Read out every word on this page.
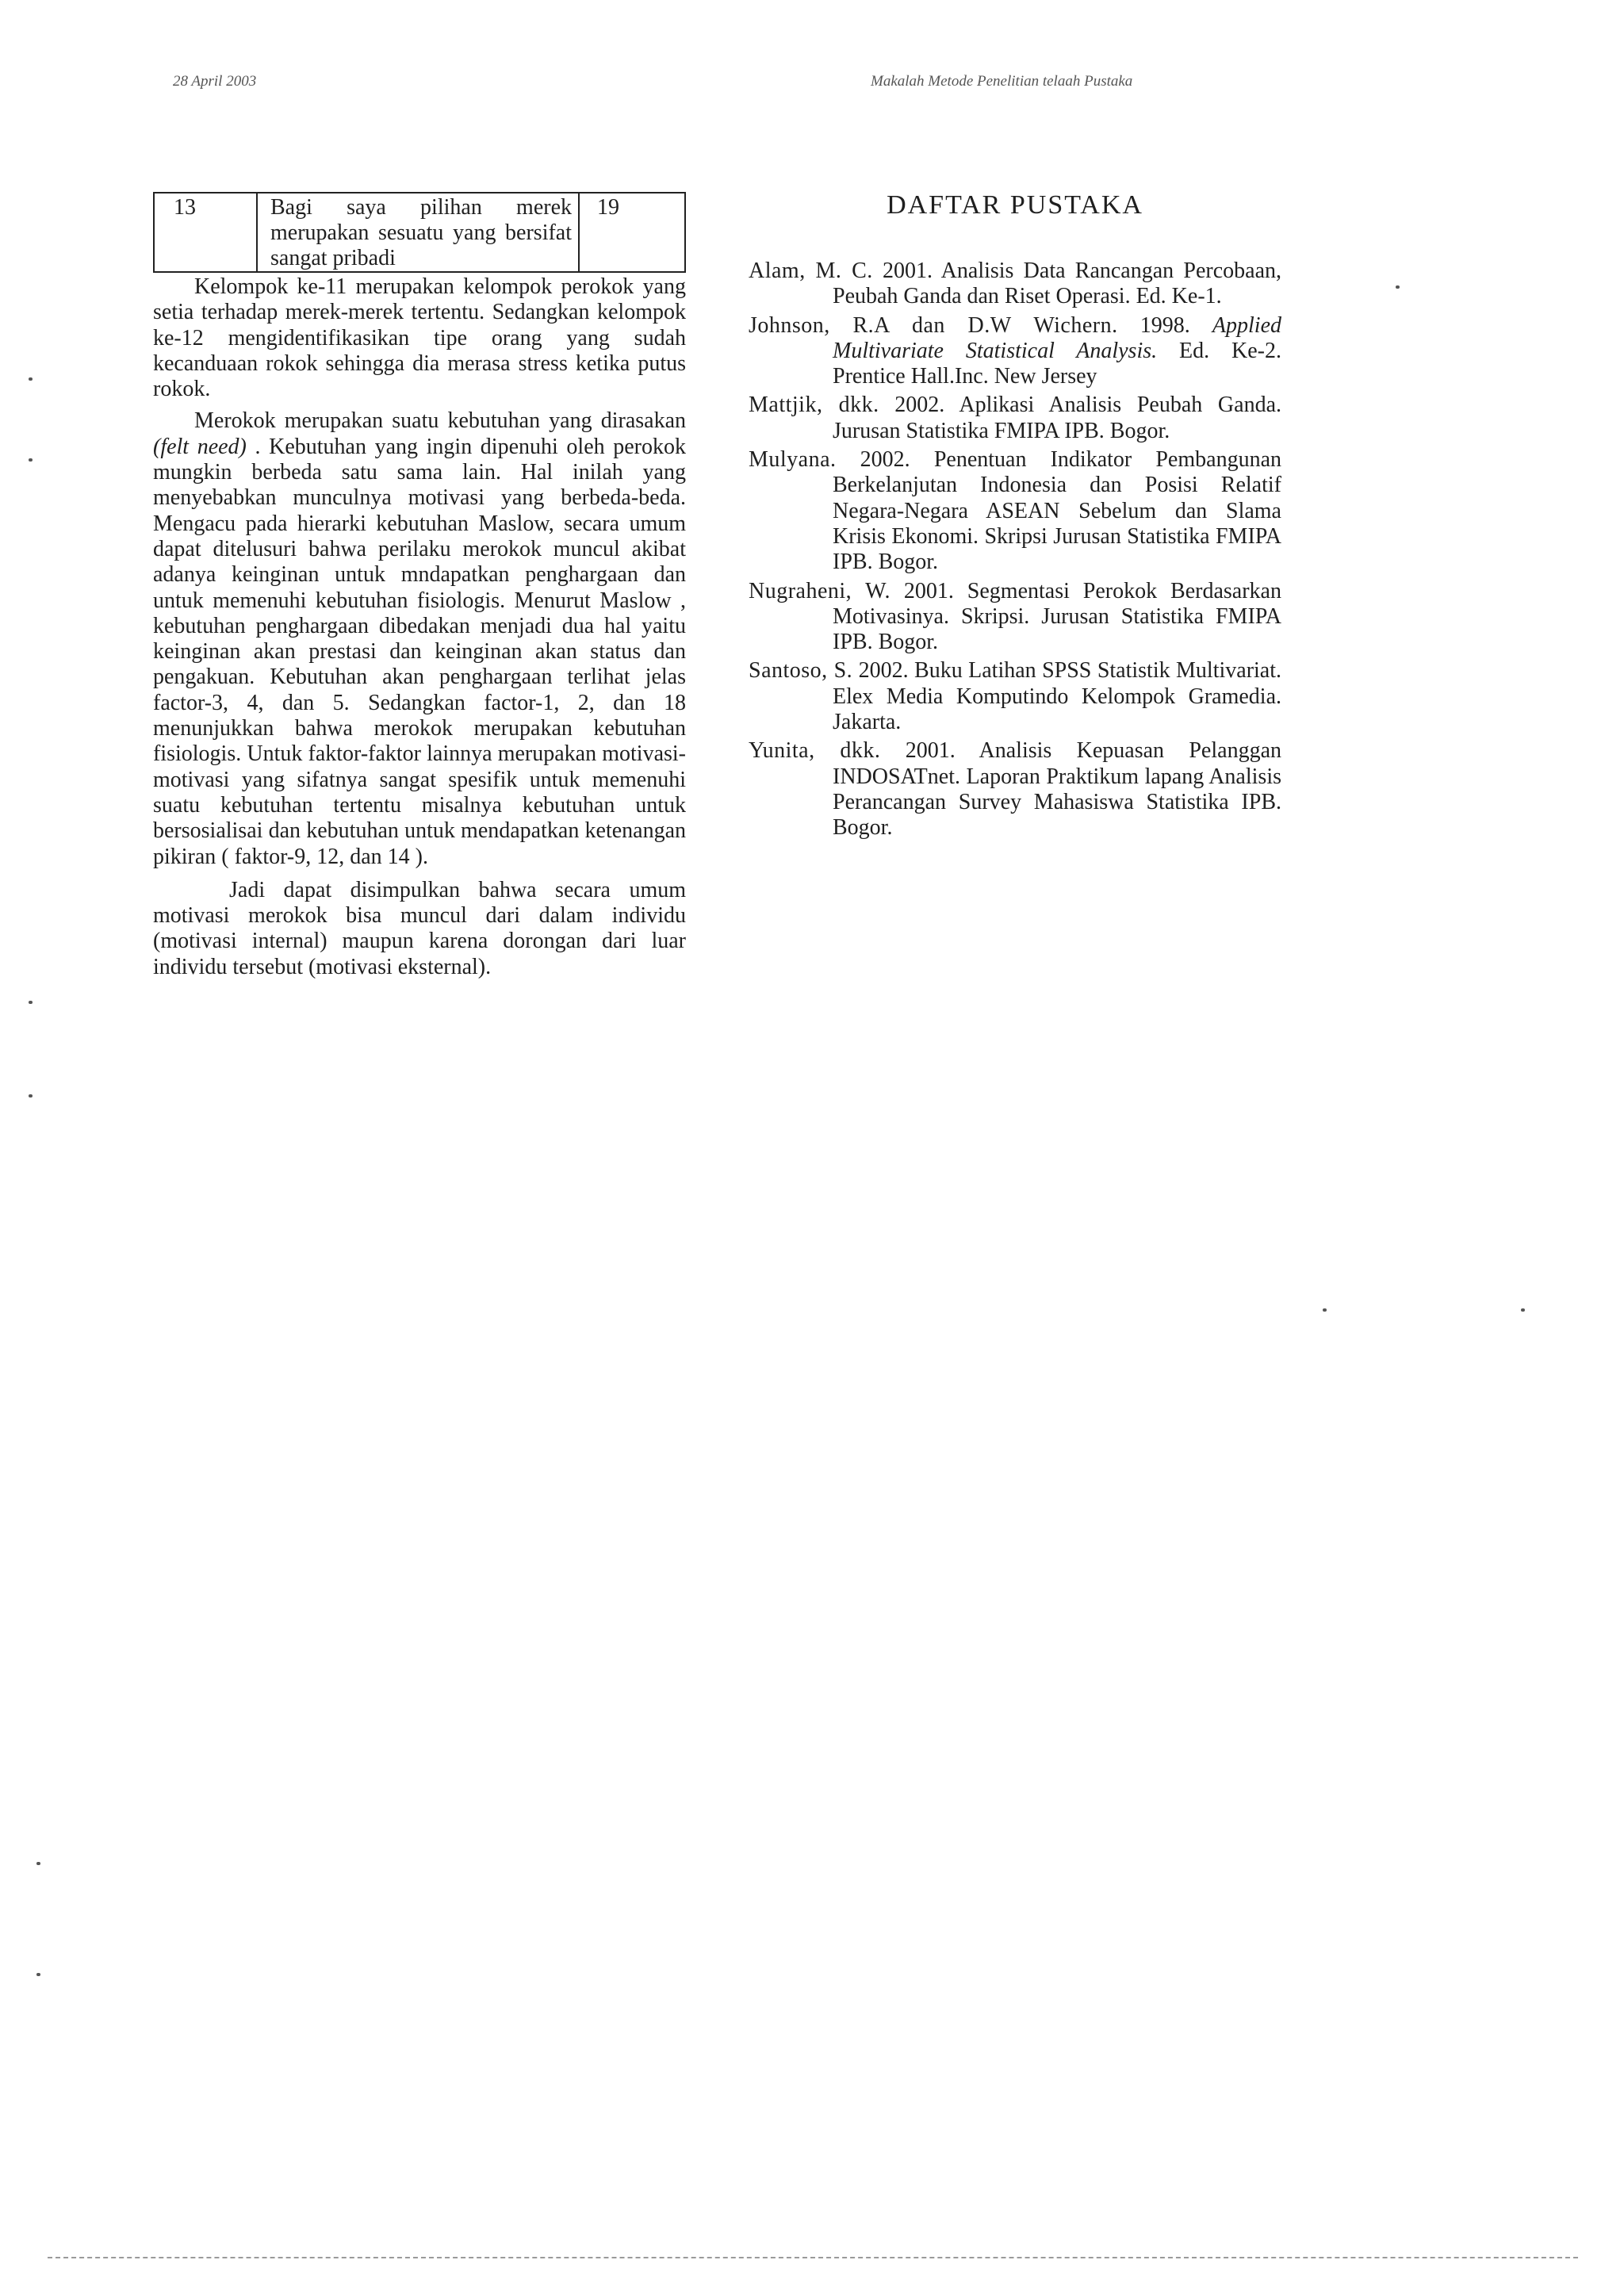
28 April 2003	Makalah Metode Penelitian telaah Pustaka
13	Bagi saya pilihan merek merupakan sesuatu yang bersifat sangat pribadi	19

Kelompok ke-11 merupakan kelompok perokok yang setia terhadap merek-merek tertentu. Sedangkan kelompok ke-12 mengidentifikasikan tipe orang yang sudah kecanduaan rokok sehingga dia merasa stress ketika putus rokok.

Merokok merupakan suatu kebutuhan yang dirasakan (felt need) . Kebutuhan yang ingin dipenuhi oleh perokok mungkin berbeda satu sama lain. Hal inilah yang menyebabkan munculnya motivasi yang berbeda-beda. Mengacu pada hierarki kebutuhan Maslow, secara umum dapat ditelusuri bahwa perilaku merokok muncul akibat adanya keinginan untuk mndapatkan penghargaan dan untuk memenuhi kebutuhan fisiologis. Menurut Maslow , kebutuhan penghargaan dibedakan menjadi dua hal yaitu keinginan akan prestasi dan keinginan akan status dan pengakuan. Kebutuhan akan penghargaan terlihat jelas factor-3, 4, dan 5. Sedangkan factor-1, 2, dan 18 menunjukkan bahwa merokok merupakan kebutuhan fisiologis. Untuk faktor-faktor lainnya merupakan motivasi-motivasi yang sifatnya sangat spesifik untuk memenuhi suatu kebutuhan tertentu misalnya kebutuhan untuk bersosialisai dan kebutuhan untuk mendapatkan ketenangan pikiran ( faktor-9, 12, dan 14 ).

Jadi dapat disimpulkan bahwa secara umum motivasi merokok bisa muncul dari dalam individu (motivasi internal) maupun karena dorongan dari luar individu tersebut (motivasi eksternal).

DAFTAR PUSTAKA

Alam, M. C. 2001. Analisis Data Rancangan Percobaan, Peubah Ganda dan Riset Operasi. Ed. Ke-1.

Johnson, R.A dan D.W Wichern. 1998. Applied Multivariate Statistical Analysis. Ed. Ke-2. Prentice Hall.Inc. New Jersey

Mattjik, dkk. 2002. Aplikasi Analisis Peubah Ganda. Jurusan Statistika FMIPA IPB. Bogor.

Mulyana. 2002. Penentuan Indikator Pembangunan Berkelanjutan Indonesia dan Posisi Relatif Negara-Negara ASEAN Sebelum dan Slama Krisis Ekonomi. Skripsi Jurusan Statistika FMIPA IPB. Bogor.

Nugraheni, W. 2001. Segmentasi Perokok Berdasarkan Motivasinya. Skripsi. Jurusan Statistika FMIPA IPB. Bogor.

Santoso, S. 2002. Buku Latihan SPSS Statistik Multivariat. Elex Media Komputindo Kelompok Gramedia. Jakarta.

Yunita, dkk. 2001. Analisis Kepuasan Pelanggan INDOSATnet. Laporan Praktikum lapang Analisis Perancangan Survey Mahasiswa Statistika IPB. Bogor.
